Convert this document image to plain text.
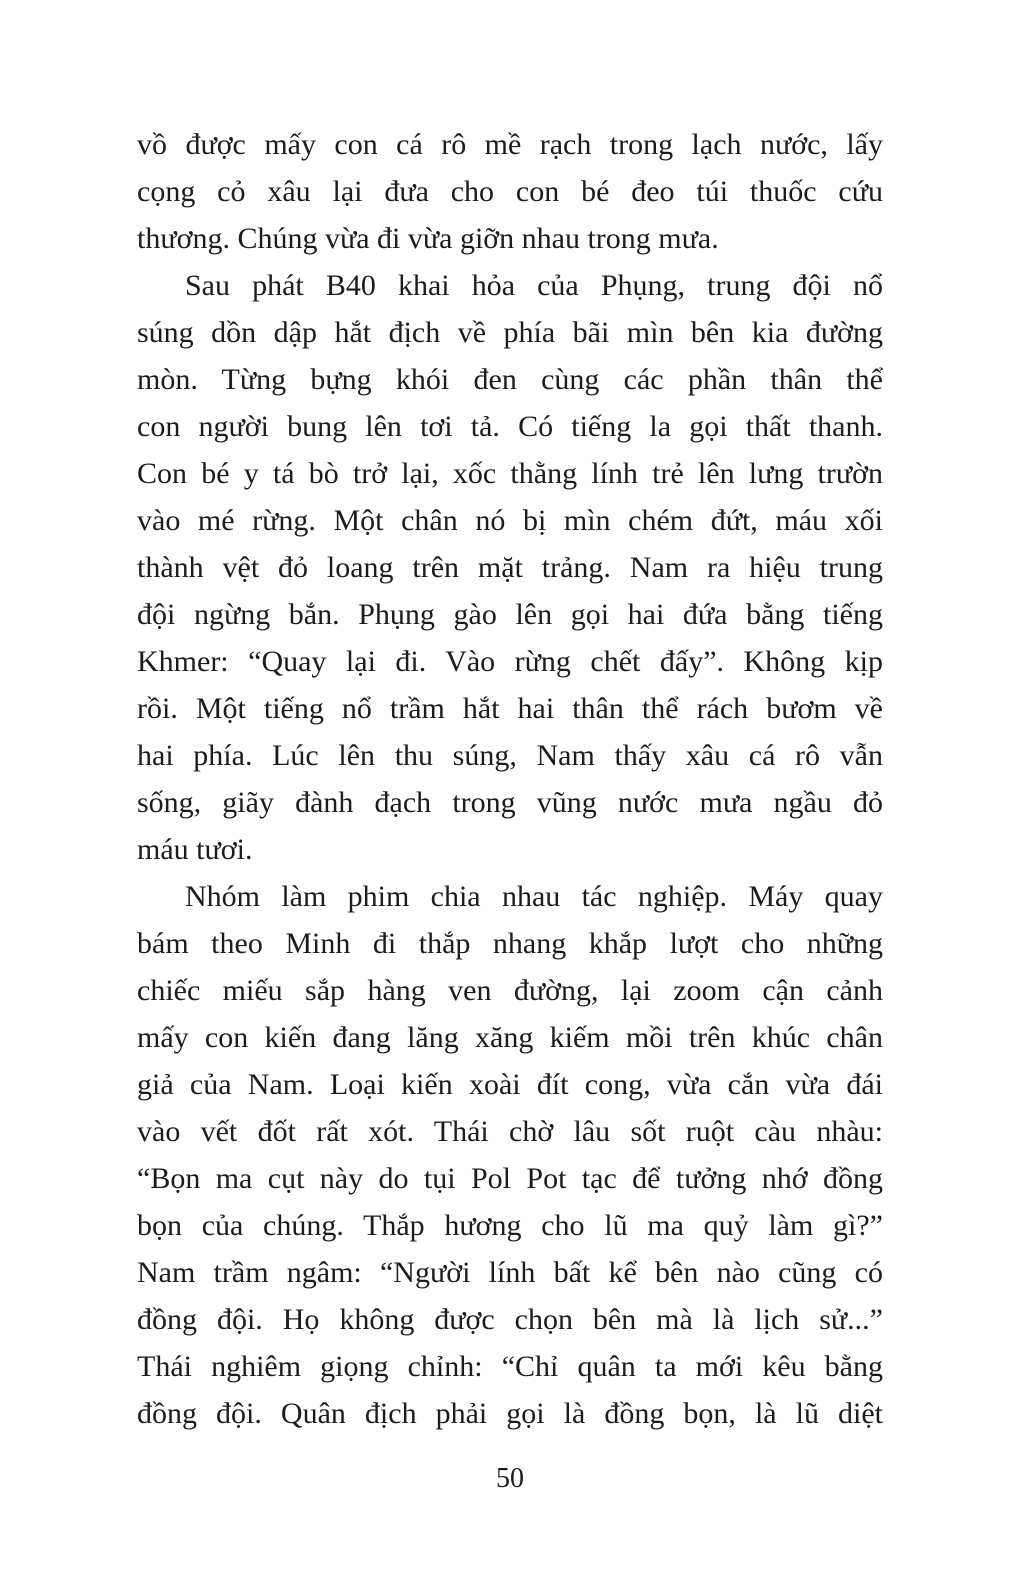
vồ được mấy con cá rô mề rạch trong lạch nước, lấy
cọng cỏ xâu lại đưa cho con bé đeo túi thuốc cứu
thương. Chúng vừa đi vừa giỡn nhau trong mưa.
Sau phát B40 khai hỏa của Phụng, trung đội nổ
súng dồn dập hắt địch về phía bãi mìn bên kia đường
mòn. Từng bựng khói đen cùng các phần thân thể
con người bung lên tơi tả. Có tiếng la gọi thất thanh.
Con bé y tá bò trở lại, xốc thằng lính trẻ lên lưng trườn
vào mé rừng. Một chân nó bị mìn chém đứt, máu xối
thành vệt đỏ loang trên mặt trảng. Nam ra hiệu trung
đội ngừng bắn. Phụng gào lên gọi hai đứa bằng tiếng
Khmer: “Quay lại đi. Vào rừng chết đấy”. Không kịp
rồi. Một tiếng nổ trầm hắt hai thân thể rách bươm về
hai phía. Lúc lên thu súng, Nam thấy xâu cá rô vẫn
sống, giãy đành đạch trong vũng nước mưa ngầu đỏ
máu tươi.
Nhóm làm phim chia nhau tác nghiệp. Máy quay
bám theo Minh đi thắp nhang khắp lượt cho những
chiếc miếu sắp hàng ven đường, lại zoom cận cảnh
mấy con kiến đang lăng xăng kiếm mồi trên khúc chân
giả của Nam. Loại kiến xoài đít cong, vừa cắn vừa đái
vào vết đốt rất xót. Thái chờ lâu sốt ruột càu nhàu:
“Bọn ma cụt này do tụi Pol Pot tạc để tưởng nhớ đồng
bọn của chúng. Thắp hương cho lũ ma quỷ làm gì?”
Nam trầm ngâm: “Người lính bất kể bên nào cũng có
đồng đội. Họ không được chọn bên mà là lịch sử...”
Thái nghiêm giọng chỉnh: “Chỉ quân ta mới kêu bằng
đồng đội. Quân địch phải gọi là đồng bọn, là lũ diệt
50
